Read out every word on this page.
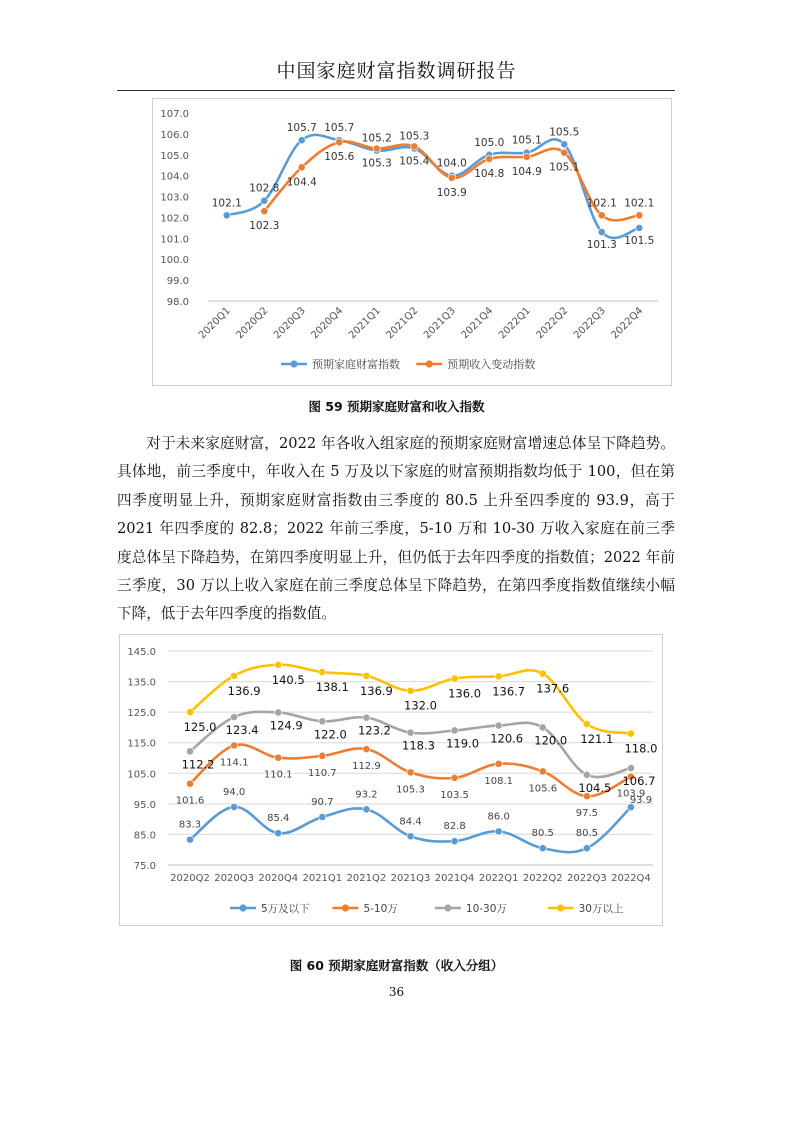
中国家庭财富指数调研报告
107.0
106.0
105.0
104.0
103.0
102.0
101.0
100.0
99.0
98.0
2020Q1 2020Q2 2020Q3 2020Q4 2021Q1 2021Q2 2021Q3 2021Q4 2022Q1 2022Q2 2022Q3 2022Q4
102.1
102.8
105.7 105.7
105.2 105.3
104.0
105.0 105.1
105.5
101.3 101.5
102.3
104.4
105.6
105.3 105.4
103.9
104.8 104.9 105.1
102.1 102.1
预期家庭财富指数	预期收入变动指数
图 59 预期家庭财富和收入指数

对于未来家庭财富，2022 年各收入组家庭的预期家庭财富增速总体呈下降趋势。具体地，前三季度中，年收入在 5 万及以下家庭的财富预期指数均低于 100，但在第四季度明显上升，预期家庭财富指数由三季度的 80.5 上升至四季度的 93.9，高于 2021 年四季度的 82.8；2022 年前三季度，5-10 万和 10-30 万收入家庭在前三季度总体呈下降趋势，在第四季度明显上升，但仍低于去年四季度的指数值；2022 年前三季度，30 万以上收入家庭在前三季度总体呈下降趋势，在第四季度指数值继续小幅下降，低于去年四季度的指数值。

145.0
135.0
125.0
115.0
105.0
95.0
85.0
75.0
2020Q2 2020Q3 2020Q4 2021Q1 2021Q2 2021Q3 2021Q4 2022Q1 2022Q2 2022Q3 2022Q4
83.3
94.0
85.4
90.7
93.2
84.4 82.8
86.0
80.5 80.5
93.9
101.6
114.1
110.1 110.7
112.9
105.3
103.5
108.1
105.6
97.5
103.9
112.2
123.4 124.9
122.0 123.2
118.3 119.0 120.6 120.0
104.5 106.7
125.0
136.9
140.5
138.1 136.9
132.0
136.0 136.7 137.6
121.1
118.0
5万及以下	5-10万	10-30万	30万以上
图 60 预期家庭财富指数（收入分组）
36
